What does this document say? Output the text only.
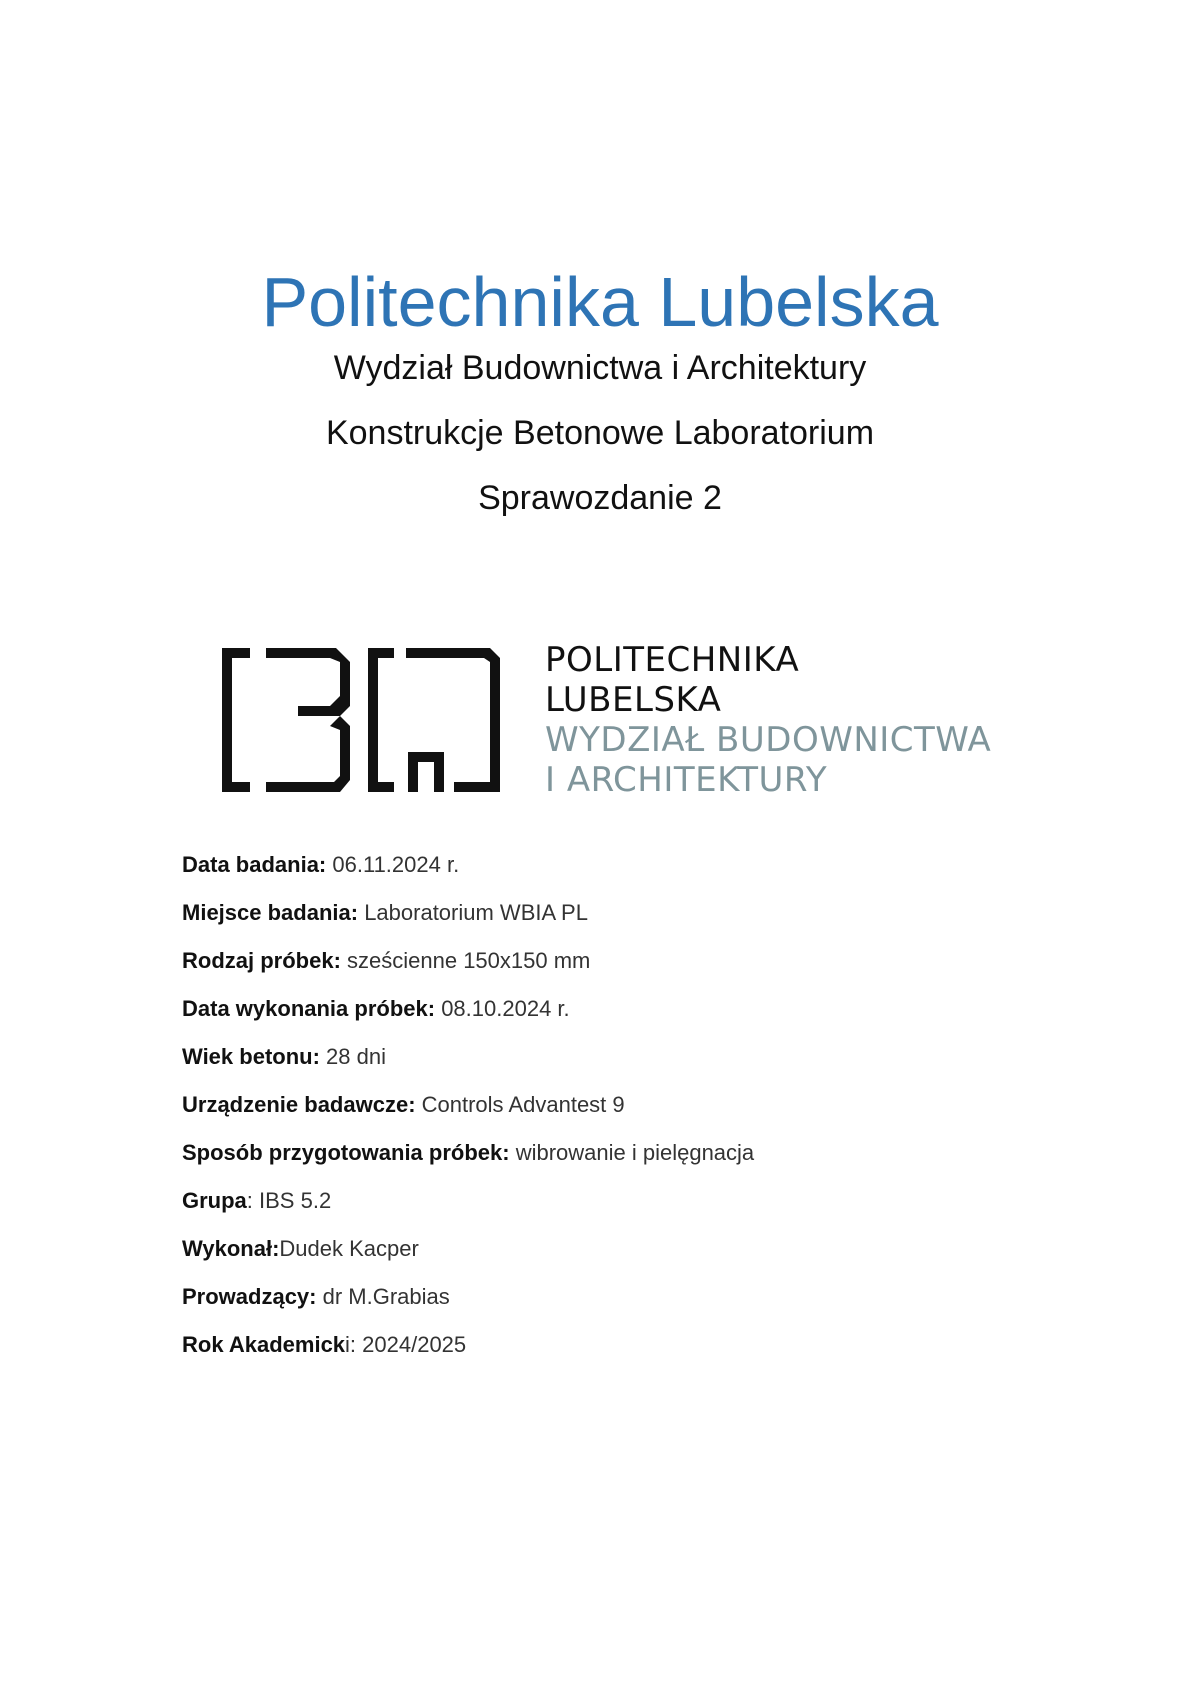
Politechnika Lubelska
Wydział Budownictwa i Architektury
Konstrukcje Betonowe Laboratorium
Sprawozdanie 2
POLITECHNIKA
LUBELSKA
WYDZIAŁ BUDOWNICTWA
I ARCHITEKTURY
Data badania: 06.11.2024 r.
Miejsce badania: Laboratorium WBIA PL
Rodzaj próbek: sześcienne 150x150 mm
Data wykonania próbek: 08.10.2024 r.
Wiek betonu: 28 dni
Urządzenie badawcze: Controls Advantest 9
Sposób przygotowania próbek: wibrowanie i pielęgnacja
Grupa: IBS 5.2
Wykonał:Dudek Kacper
Prowadzący: dr M.Grabias
Rok Akademicki: 2024/2025
